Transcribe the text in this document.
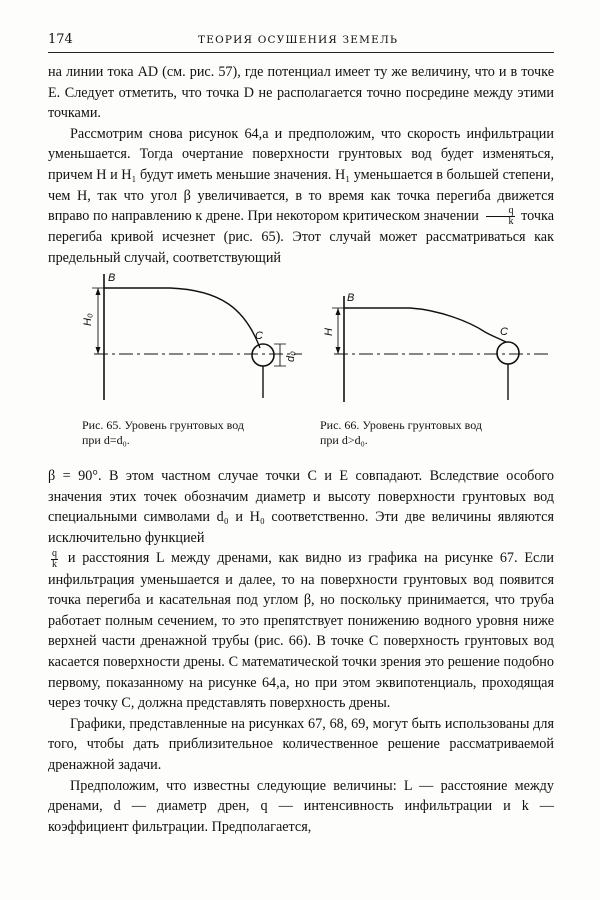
174	ТЕОРИЯ ОСУШЕНИЯ ЗЕМЕЛЬ

на линии тока AD (см. рис. 57), где потенциал имеет ту же величину, что и в точке E. Следует отметить, что точка D не располагается точно посредине между этими точками.

Рассмотрим снова рисунок 64,a и предположим, что скорость инфильтрации уменьшается. Тогда очертание поверхности грунтовых вод будет изменяться, причем H и H₁ будут иметь меньшие значения. H₁ уменьшается в большей степени, чем H, так что угол β увеличивается, в то время как точка перегиба движется вправо по направлению к дрене. При некотором критическом значении $\frac{q}{k}$ точка перегиба кривой исчезнет (рис. 65). Этот случай может рассматриваться как предельный случай, соответствующий

B
C
H₀
d₀
Рис. 65. Уровень грунтовых вод
при d=d₀.
B
C
H
Рис. 66. Уровень грунтовых вод
при d>d₀.

β = 90°. В этом частном случае точки C и E совпадают. Вследствие особого значения этих точек обозначим диаметр и высоту поверхности грунтовых вод специальными символами d₀ и H₀ соответственно. Эти две величины являются исключительно функцией

$\frac{q}{k}$ и расстояния L между дренами, как видно из графика на рисунке 67. Если инфильтрация уменьшается и далее, то на поверхности грунтовых вод появится точка перегиба и касательная под углом β, но поскольку принимается, что труба работает полным сечением, то это препятствует понижению водного уровня ниже верхней части дренажной трубы (рис. 66). В точке C поверхность грунтовых вод касается поверхности дрены. С математической точки зрения это решение подобно первому, показанному на рисунке 64,a, но при этом эквипотенциаль, проходящая через точку C, должна представлять поверхность дрены.

Графики, представленные на рисунках 67, 68, 69, могут быть использованы для того, чтобы дать приблизительное количественное решение рассматриваемой дренажной задачи.

Предположим, что известны следующие величины: L — расстояние между дренами, d — диаметр дрен, q — интенсивность инфильтрации и k — коэффициент фильтрации. Предполагается,
